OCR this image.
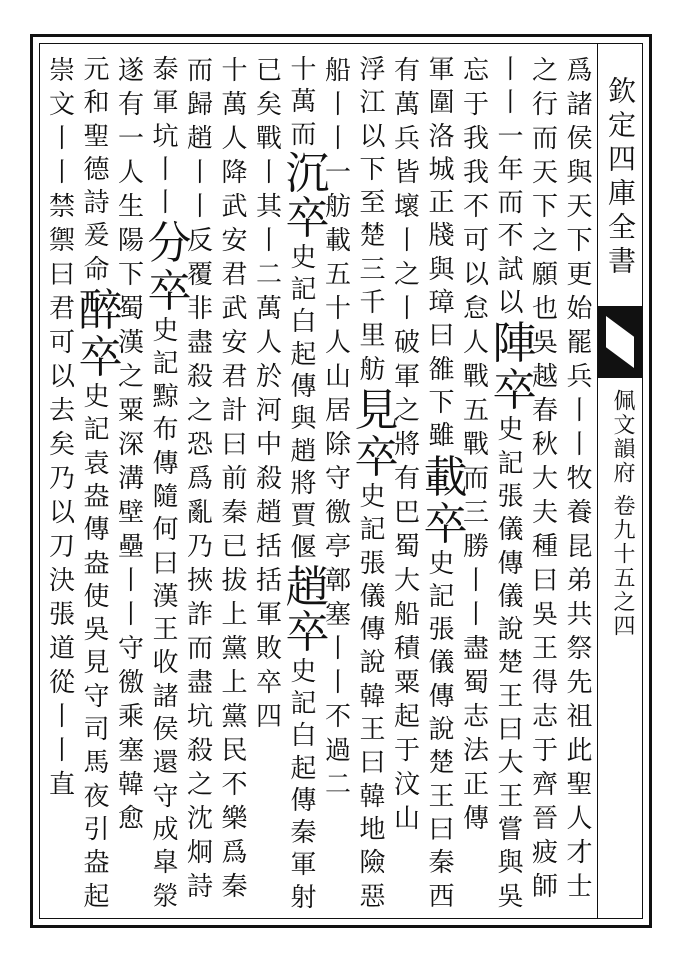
欽定四庫全書
佩文韻府 卷九十五之四
爲
諸
侯
與
天
下
更
始
罷
兵
丨
丨
牧
養
昆
弟
共
祭
先
祖
此
聖
人
才
士
之
行
而
天
下
之
願
也
吳
越
春
秋
大
夫
種
曰
吳
王
得
志
于
齊
晉
疲
師
丨
丨
一
年
而
不
試
以
陣
卒
史
記
張
儀
傳
儀
說
楚
王
曰
大
王
嘗
與
吳
忘
于
我
我
不
可
以
怠
人
戰
五
戰
而
三
勝
丨
丨
盡
蜀
志
法
正
傳
軍
圍
洛
城
正
牋
與
璋
曰
雒
下
雖
載
卒
史
記
張
儀
傳
說
楚
王
曰
秦
西
有
萬
兵
皆
壞
丨
之
丨
破
軍
之
將
有
巴
蜀
大
船
積
粟
起
于
汶
山
浮
江
以
下
至
楚
三
千
里
舫
見
卒
史
記
張
儀
傳
說
韓
王
曰
韓
地
險
惡
船
丨
丨
一
舫
載
五
十
人
山
居
除
守
徼
亭
鄣
塞
丨
丨
不
過
二
十
萬
而
沉
卒
史
記
白
起
傳
與
趙
將
賈
偃
趙
卒
史
記
白
起
傳
秦
軍
射
已
矣
戰
丨
其
丨
二
萬
人
於
河
中
殺
趙
括
括
軍
敗
卒
四
十
萬
人
降
武
安
君
武
安
君
計
曰
前
秦
已
拔
上
黨
上
黨
民
不
樂
爲
秦
而
歸
趙
丨
丨
反
覆
非
盡
殺
之
恐
爲
亂
乃
挾
詐
而
盡
坑
殺
之
沈
炯
詩
泰
軍
坑
丨
丨
分
卒
史
記
黥
布
傳
隨
何
曰
漢
王
收
諸
侯
還
守
成
皐
滎
遂
有
一
人
生
陽
下
蜀
漢
之
粟
深
溝
壁
壘
丨
丨
守
徼
乘
塞
韓
愈
元
和
聖
德
詩
爰
命
醉
卒
史
記
袁
盎
傳
盎
使
吳
見
守
司
馬
夜
引
盎
起
崇
文
丨
丨
禁
禦
曰
君
可
以
去
矣
乃
以
刀
決
張
道
從
丨
丨
直
